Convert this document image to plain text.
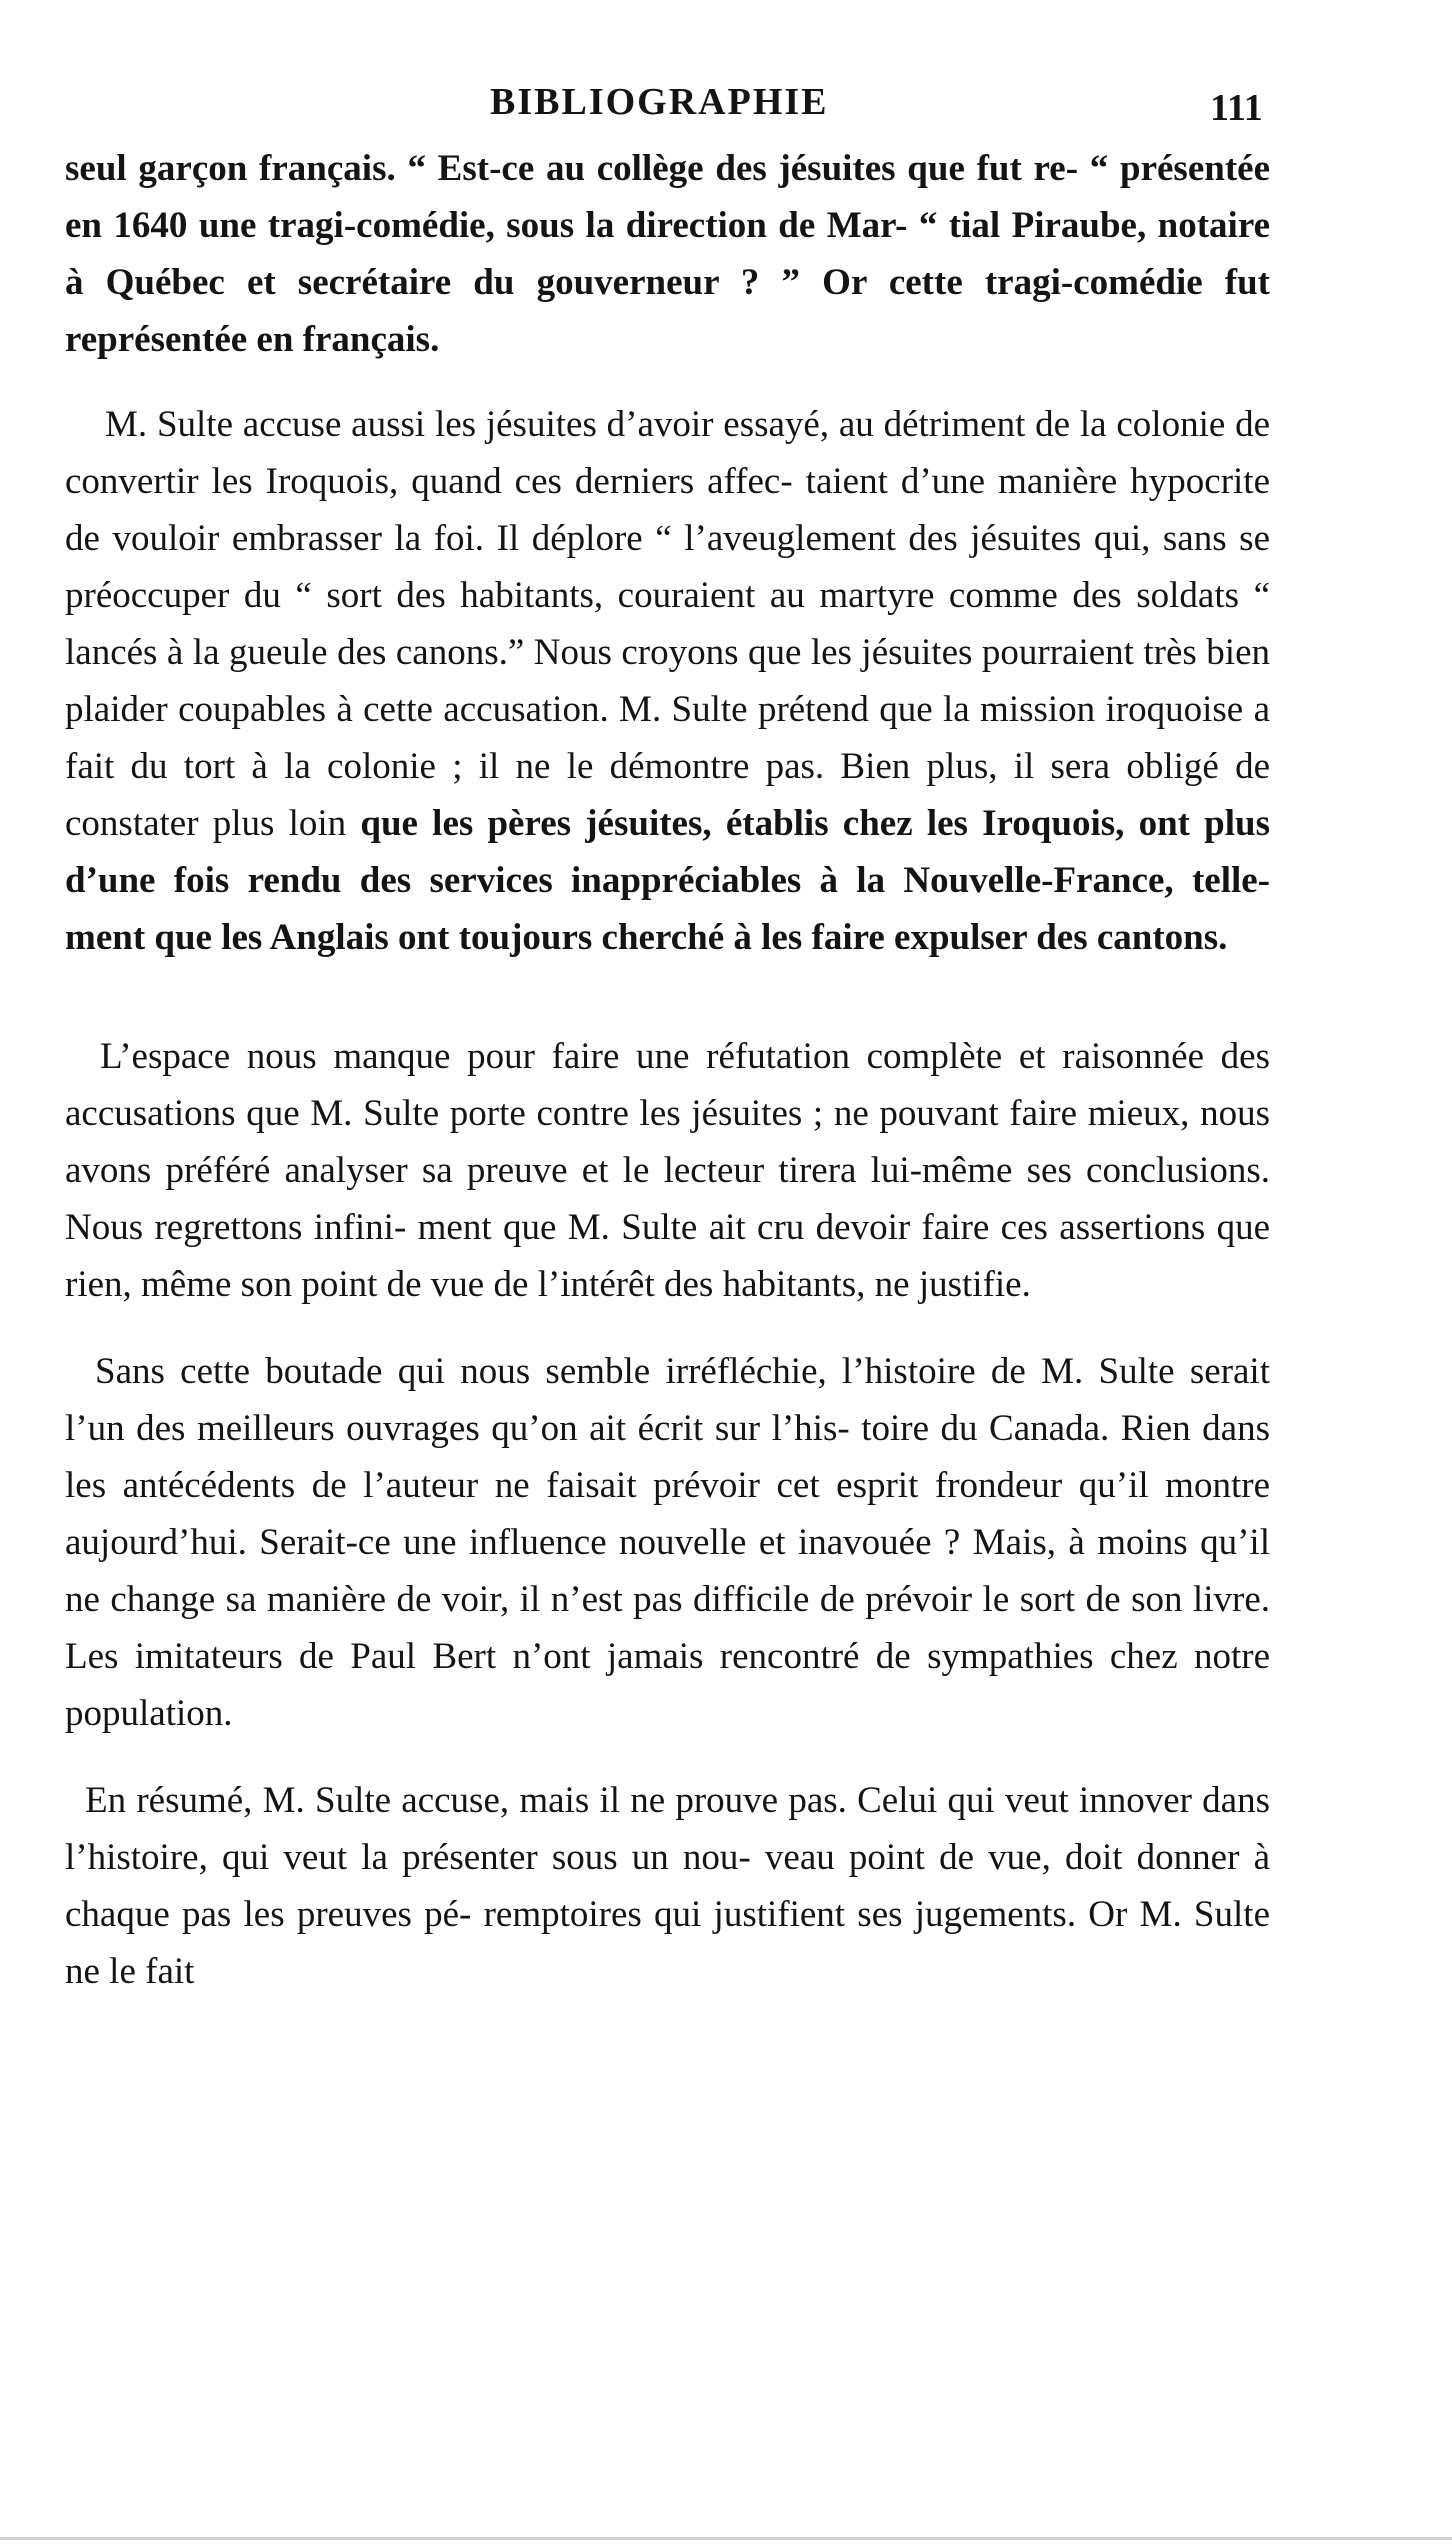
BIBLIOGRAPHIE	111

seul garçon français. “ Est-ce au collège des jésuites que fut re- “ présentée en 1640 une tragi-comédie, sous la direction de Mar- “ tial Piraube, notaire à Québec et secrétaire du gouverneur ? ” Or cette tragi-comédie fut représentée en français.

M. Sulte accuse aussi les jésuites d’avoir essayé, au détriment de la colonie de convertir les Iroquois, quand ces derniers affec- taient d’une manière hypocrite de vouloir embrasser la foi. Il déplore “ l’aveuglement des jésuites qui, sans se préoccuper du “ sort des habitants, couraient au martyre comme des soldats “ lancés à la gueule des canons.” Nous croyons que les jésuites pourraient très bien plaider coupables à cette accusation. M. Sulte prétend que la mission iroquoise a fait du tort à la colonie ; il ne le démontre pas. Bien plus, il sera obligé de constater plus loin que les pères jésuites, établis chez les Iroquois, ont plus d’une fois rendu des services inappréciables à la Nouvelle-France, telle- ment que les Anglais ont toujours cherché à les faire expulser des cantons.

L’espace nous manque pour faire une réfutation complète et raisonnée des accusations que M. Sulte porte contre les jésuites ; ne pouvant faire mieux, nous avons préféré analyser sa preuve et le lecteur tirera lui-même ses conclusions. Nous regrettons infini- ment que M. Sulte ait cru devoir faire ces assertions que rien, même son point de vue de l’intérêt des habitants, ne justifie.

Sans cette boutade qui nous semble irréfléchie, l’histoire de M. Sulte serait l’un des meilleurs ouvrages qu’on ait écrit sur l’his- toire du Canada. Rien dans les antécédents de l’auteur ne faisait prévoir cet esprit frondeur qu’il montre aujourd’hui. Serait-ce une influence nouvelle et inavouée ? Mais, à moins qu’il ne change sa manière de voir, il n’est pas difficile de prévoir le sort de son livre. Les imitateurs de Paul Bert n’ont jamais rencontré de sympathies chez notre population.

En résumé, M. Sulte accuse, mais il ne prouve pas. Celui qui veut innover dans l’histoire, qui veut la présenter sous un nou- veau point de vue, doit donner à chaque pas les preuves pé- remptoires qui justifient ses jugements. Or M. Sulte ne le fait
